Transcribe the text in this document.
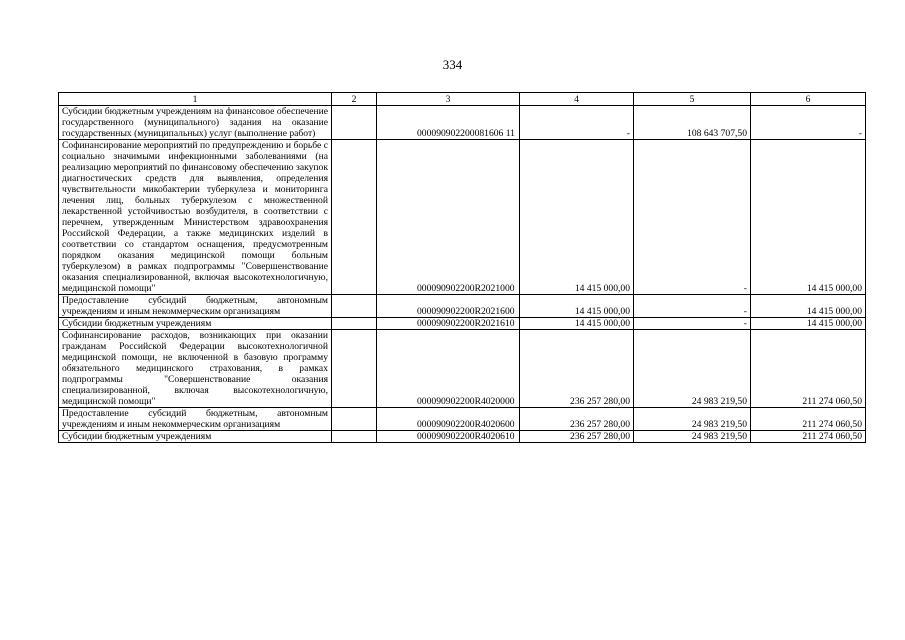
334
1	2	3	4	5	6
Субсидии бюджетным учреждениям на финансовое обеспечение государственного (муниципального) задания на оказание государственных (муниципальных) услуг (выполнение работ)		000090902200081606 11	-	108 643 707,50	-
Софинансирование мероприятий по предупреждению и борьбе с социально значимыми инфекционными заболеваниями (на реализацию мероприятий по финансовому обеспечению закупок диагностических средств для выявления, определения чувствительности микобактерии туберкулеза и мониторинга лечения лиц, больных туберкулезом с множественной лекарственной устойчивостью возбудителя, в соответствии с перечнем, утвержденным Министерством здравоохранения Российской Федерации, а также медицинских изделий в соответствии со стандартом оснащения, предусмотренным порядком оказания медицинской помощи больным туберкулезом) в рамках подпрограммы "Совершенствование оказания специализированной, включая высокотехнологичную, медицинской помощи"		000090902200R2021000	14 415 000,00	-	14 415 000,00
Предоставление субсидий бюджетным, автономным учреждениям и иным некоммерческим организациям		000090902200R2021600	14 415 000,00	-	14 415 000,00
Субсидии бюджетным учреждениям		000090902200R2021610	14 415 000,00	-	14 415 000,00
Софинансирование расходов, возникающих при оказании гражданам Российской Федерации высокотехнологичной медицинской помощи, не включенной в базовую программу обязательного медицинского страхования, в рамках подпрограммы "Совершенствование оказания специализированной, включая высокотехнологичную, медицинской помощи"		000090902200R4020000	236 257 280,00	24 983 219,50	211 274 060,50
Предоставление субсидий бюджетным, автономным учреждениям и иным некоммерческим организациям		000090902200R4020600	236 257 280,00	24 983 219,50	211 274 060,50
Субсидии бюджетным учреждениям		000090902200R4020610	236 257 280,00	24 983 219,50	211 274 060,50
